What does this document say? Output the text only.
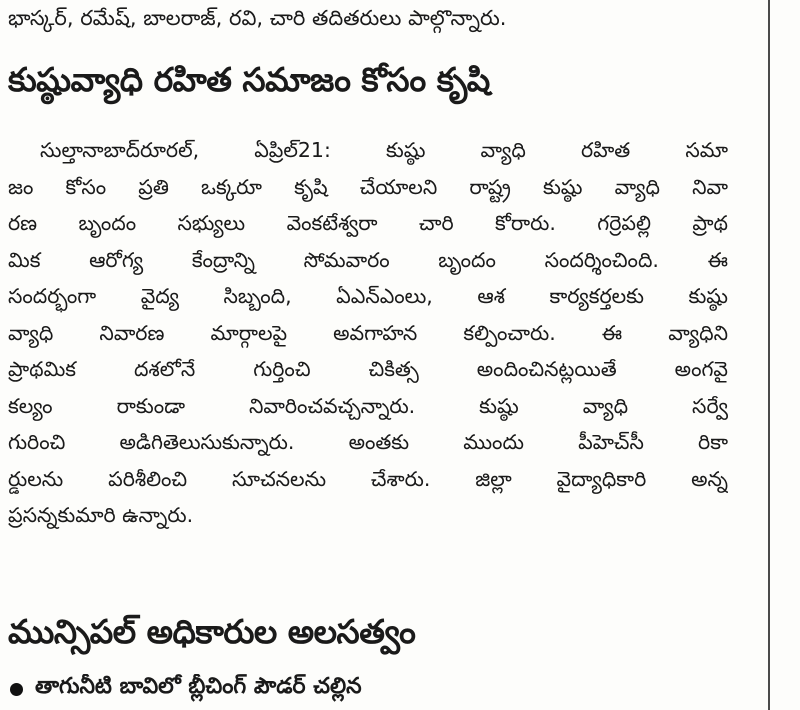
భాస్కర్, రమేష్, బాలరాజ్, రవి, చారి తదితరులు పాల్గొన్నారు.
కుష్ఠువ్యాధి రహిత సమాజం కోసం కృషి
సుల్తానాబాద్‌రూరల్, ఏప్రిల్21: కుష్ఠు వ్యాధి రహిత సమా
జం కోసం ప్రతి ఒక్కరూ కృషి చేయాలని రాష్ట్ర కుష్ఠు వ్యాధి నివా
రణ బృందం సభ్యులు వెంకటేశ్వరా చారి కోరారు. గర్రెపల్లి ప్రాథ
మిక ఆరోగ్య కేంద్రాన్ని సోమవారం బృందం సందర్శించింది. ఈ
సందర్భంగా వైద్య సిబ్బంది, ఏఎన్ఎంలు, ఆశ కార్యకర్తలకు కుష్ఠు
వ్యాధి నివారణ మార్గాలపై అవగాహన కల్పించారు. ఈ వ్యాధిని
ప్రాథమిక దశలోనే గుర్తించి చికిత్స అందించినట్లయితే అంగవై
కల్యం రాకుండా నివారించవచ్చన్నారు. కుష్ఠు వ్యాధి సర్వే
గురించి అడిగితెలుసుకున్నారు. అంతకు ముందు పీహెచ్‌సీ రికా
ర్డులను పరిశీలించి సూచనలను చేశారు. జిల్లా వైద్యాధికారి అన్న
ప్రసన్నకుమారి ఉన్నారు.
మున్సిపల్ అధికారుల అలసత్వం
తాగునీటి బావిలో బ్లీచింగ్ పౌడర్ చల్లిన
